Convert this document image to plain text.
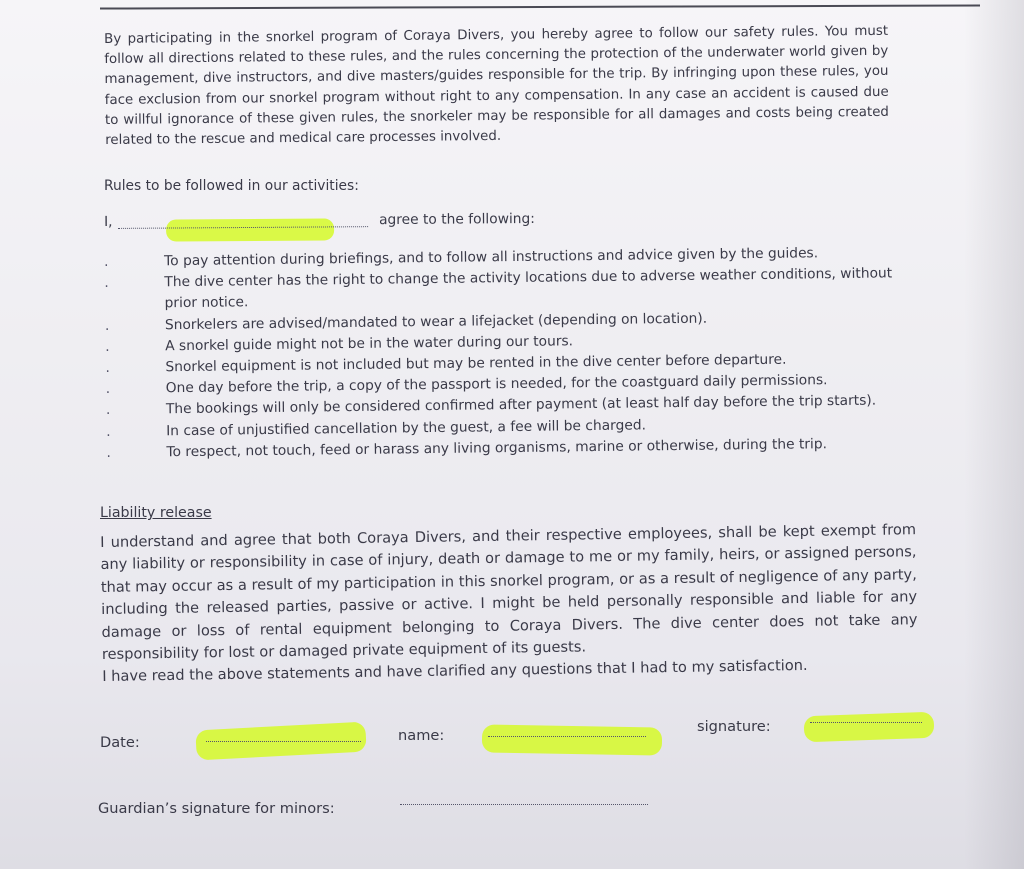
By participating in the snorkel program of Coraya Divers, you hereby agree to follow our safety rules. You must follow all directions related to these rules, and the rules concerning the protection of the underwater world given by management, dive instructors, and dive masters/guides responsible for the trip. By infringing upon these rules, you face exclusion from our snorkel program without right to any compensation. In any case an accident is caused due to willful ignorance of these given rules, the snorkeler may be responsible for all damages and costs being created related to the rescue and medical care processes involved.
Rules to be followed in our activities:
I,	agree to the following:
.	To pay attention during briefings, and to follow all instructions and advice given by the guides.
.	The dive center has the right to change the activity locations due to adverse weather conditions, without prior notice.
.	Snorkelers are advised/mandated to wear a lifejacket (depending on location).
.	A snorkel guide might not be in the water during our tours.
.	Snorkel equipment is not included but may be rented in the dive center before departure.
.	One day before the trip, a copy of the passport is needed, for the coastguard daily permissions.
.	The bookings will only be considered confirmed after payment (at least half day before the trip starts).
.	In case of unjustified cancellation by the guest, a fee will be charged.
.	To respect, not touch, feed or harass any living organisms, marine or otherwise, during the trip.
Liability release

I understand and agree that both Coraya Divers, and their respective employees, shall be kept exempt from any liability or responsibility in case of injury, death or damage to me or my family, heirs, or assigned persons, that may occur as a result of my participation in this snorkel program, or as a result of negligence of any party, including the released parties, passive or active. I might be held personally responsible and liable for any damage or loss of rental equipment belonging to Coraya Divers. The dive center does not take any responsibility for lost or damaged private equipment of its guests.

I have read the above statements and have clarified any questions that I had to my satisfaction.

Date:	name:
signature:
Guardian’s signature for minors:
